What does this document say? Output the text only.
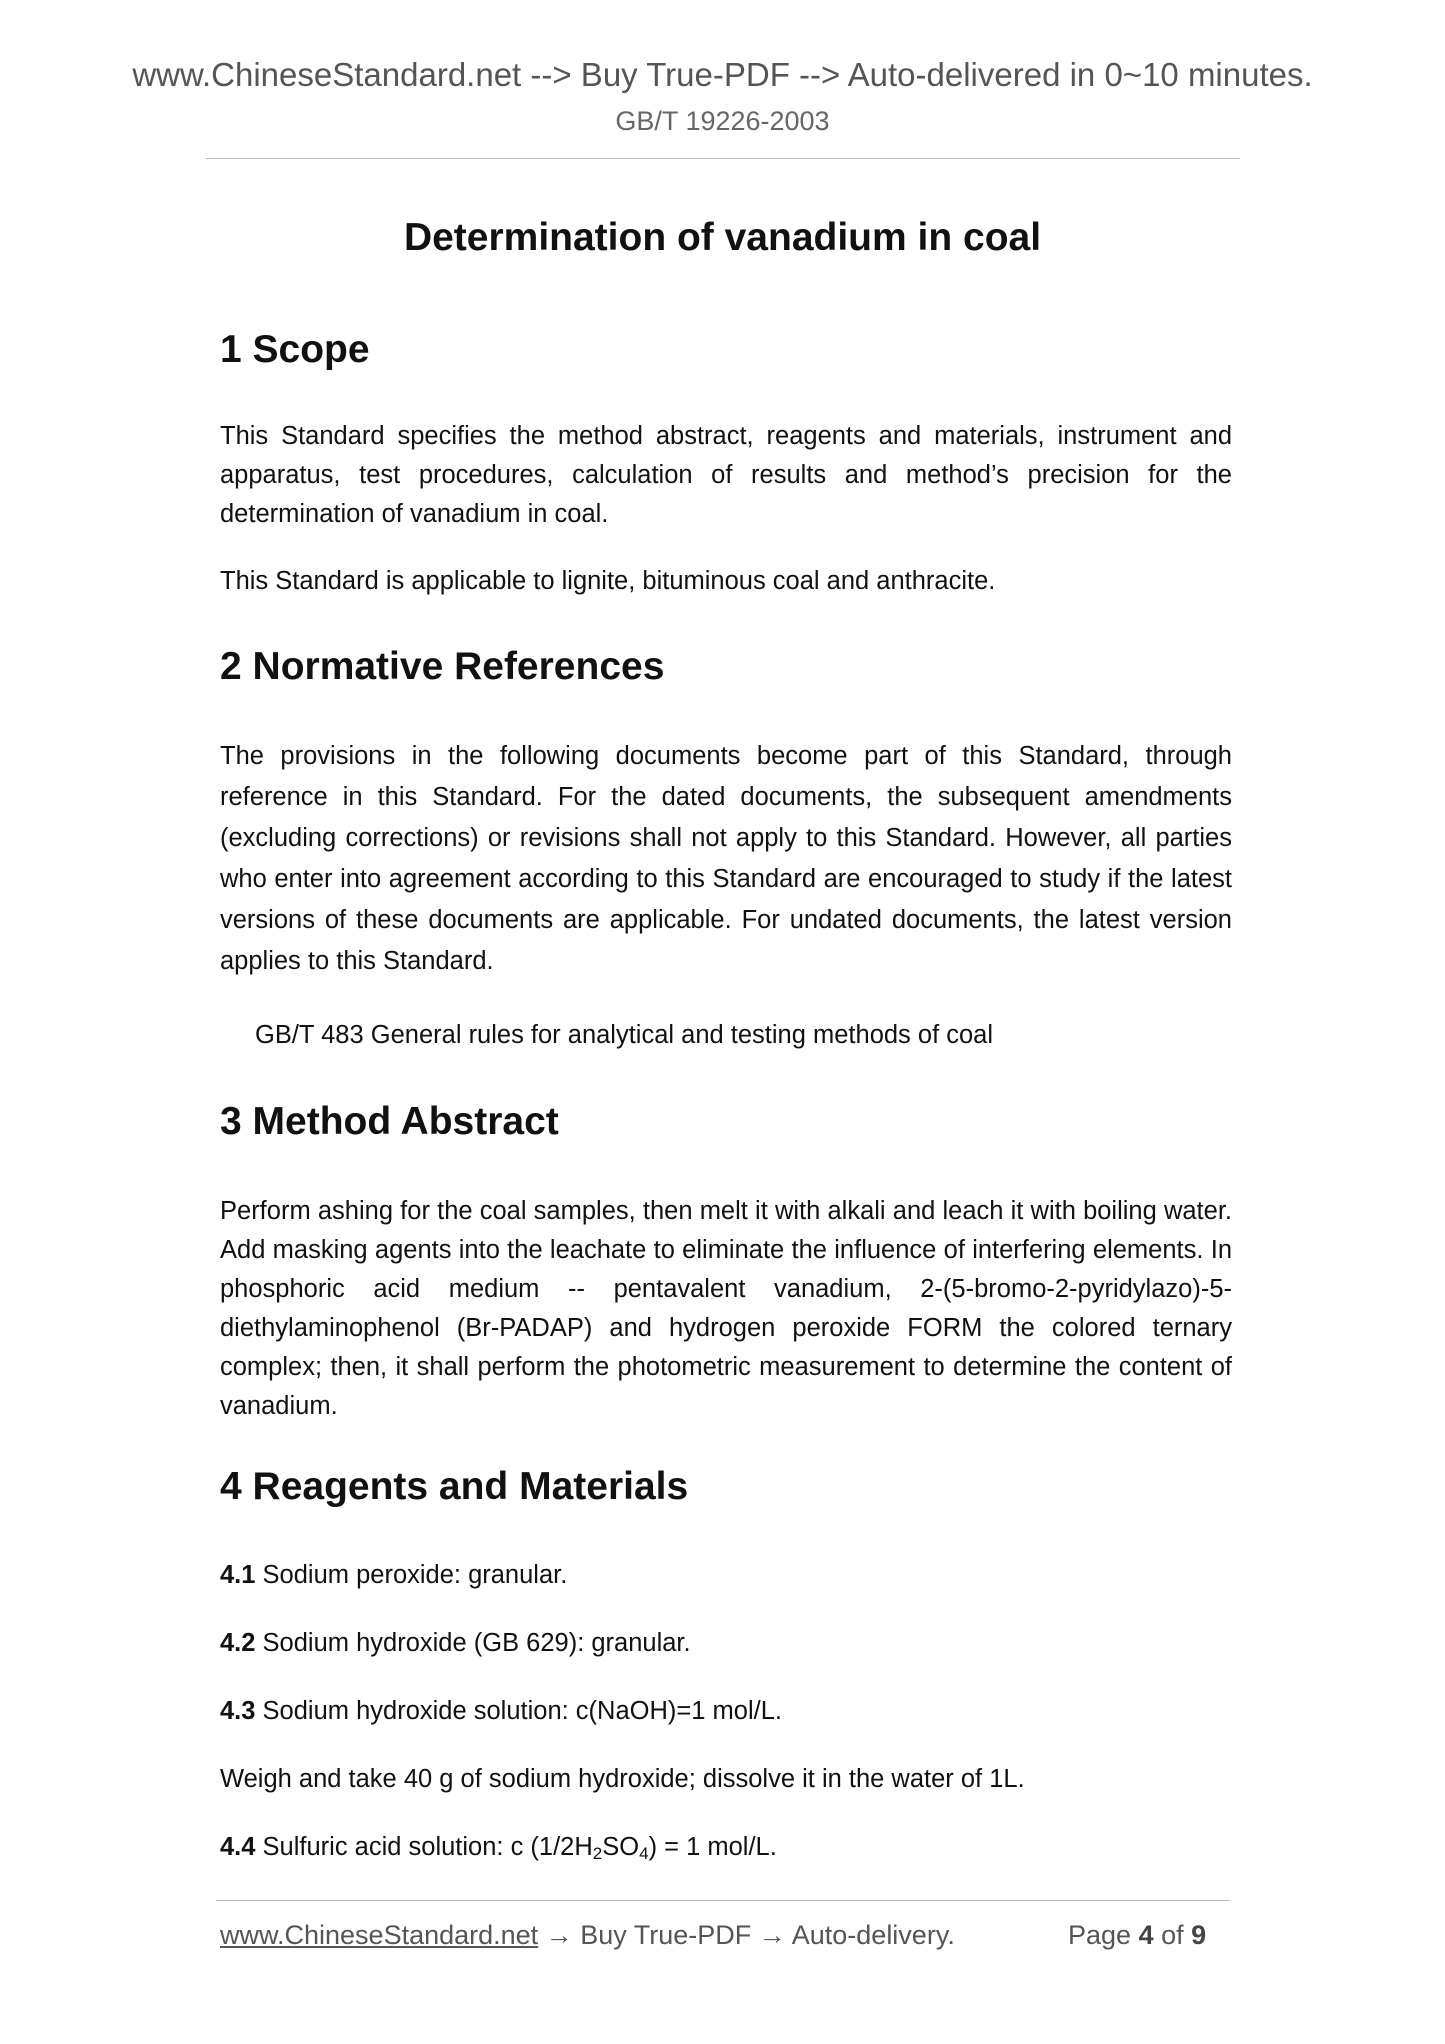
www.ChineseStandard.net --> Buy True-PDF --> Auto-delivered in 0~10 minutes.
GB/T 19226-2003
Determination of vanadium in coal
1 Scope
This Standard specifies the method abstract, reagents and materials, instrument and apparatus, test procedures, calculation of results and method’s precision for the determination of vanadium in coal.
This Standard is applicable to lignite, bituminous coal and anthracite.
2 Normative References
The provisions in the following documents become part of this Standard, through reference in this Standard. For the dated documents, the subsequent amendments (excluding corrections) or revisions shall not apply to this Standard. However, all parties who enter into agreement according to this Standard are encouraged to study if the latest versions of these documents are applicable. For undated documents, the latest version applies to this Standard.
GB/T 483 General rules for analytical and testing methods of coal
3 Method Abstract
Perform ashing for the coal samples, then melt it with alkali and leach it with boiling water. Add masking agents into the leachate to eliminate the influence of interfering elements. In phosphoric acid medium -- pentavalent vanadium, 2-(5-bromo-2-pyridylazo)-5-diethylaminophenol (Br-PADAP) and hydrogen peroxide FORM the colored ternary complex; then, it shall perform the photometric measurement to determine the content of vanadium.
4 Reagents and Materials
4.1 Sodium peroxide: granular.
4.2 Sodium hydroxide (GB 629): granular.
4.3 Sodium hydroxide solution: c(NaOH)=1 mol/L.
Weigh and take 40 g of sodium hydroxide; dissolve it in the water of 1L.
4.4 Sulfuric acid solution: c $(1/2H_2SO_4) = 1$ mol/L.
www.ChineseStandard.net → Buy True-PDF → Auto-delivery.	Page 4 of 9
